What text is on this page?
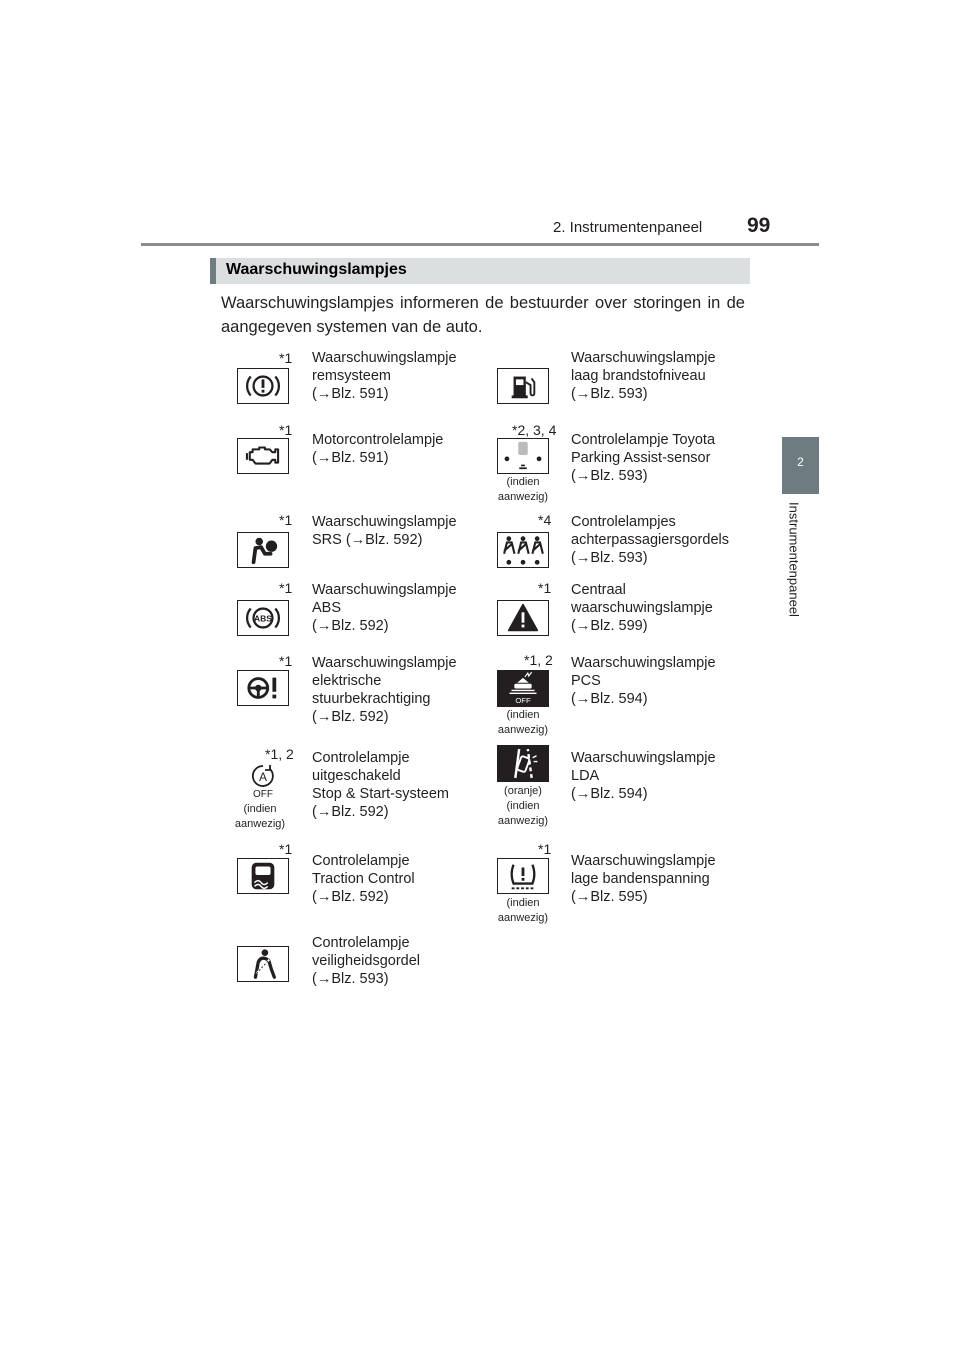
2. Instrumentenpaneel 99
2
Instrumentenpaneel
Waarschuwingslampjes
Waarschuwingslampjes informeren de bestuurder over storingen in de aangegeven systemen van de auto.
*1 Waarschuwingslampje
remsysteem
(→Blz. 591)
Waarschuwingslampje
laag brandstofniveau
(→Blz. 593)
*1
Motorcontrolelampje
(→Blz. 591)
*2, 3, 4
(indien
aanwezig)
Controlelampje Toyota
Parking Assist-sensor
(→Blz. 593)
*1 Waarschuwingslampje
SRS (→Blz. 592)
*4 Controlelampjes
achterpassagiersgordels
(→Blz. 593)
*1
ABS
Waarschuwingslampje
ABS
(→Blz. 592)
*1 Centraal
waarschuwingslampje
(→Blz. 599)
*1 Waarschuwingslampje
elektrische
stuurbekrachtiging
(→Blz. 592)
*1, 2
OFF
(indien
aanwezig)
Waarschuwingslampje
PCS
(→Blz. 594)
*1, 2
A
OFF
(indien
aanwezig)
Controlelampje
uitgeschakeld
Stop & Start-systeem
(→Blz. 592)
(oranje)
(indien
aanwezig)
Waarschuwingslampje
LDA
(→Blz. 594)
*1
Controlelampje
Traction Control
(→Blz. 592)
*1
(indien
aanwezig)
Waarschuwingslampje
lage bandenspanning
(→Blz. 595)
Controlelampje
veiligheidsgordel
(→Blz. 593)
